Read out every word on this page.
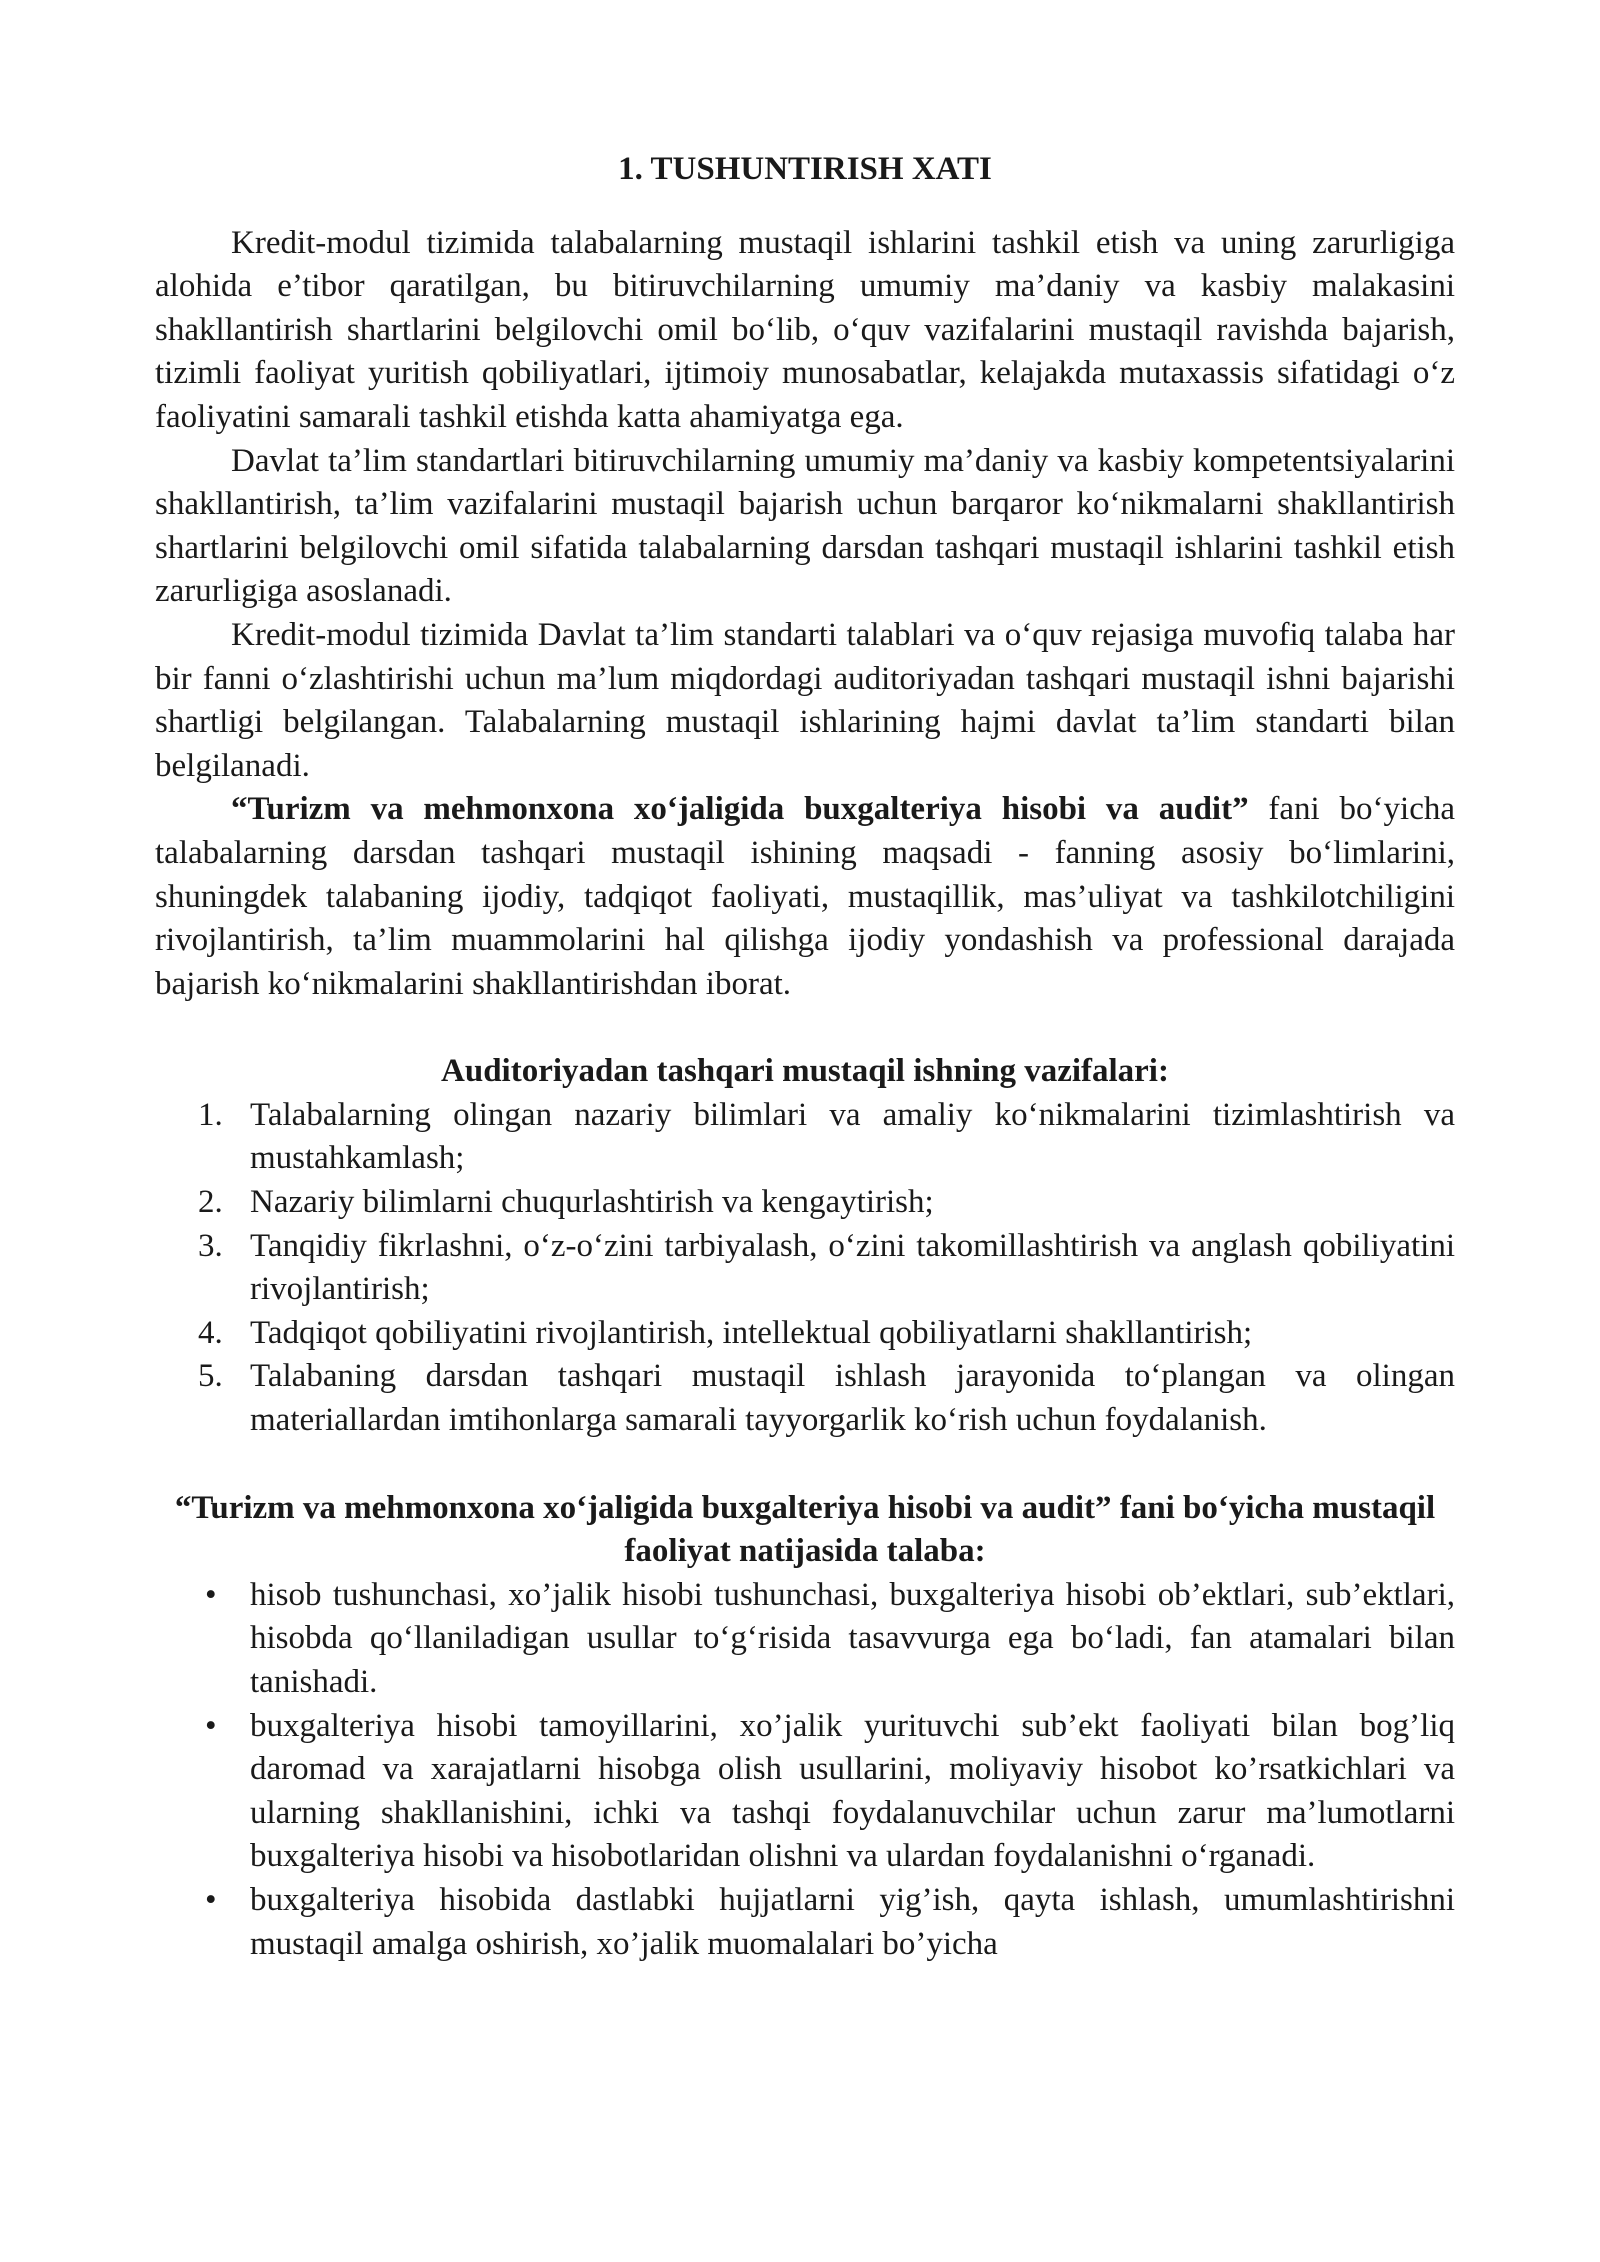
1. TUSHUNTIRISH XATI

Kredit-modul tizimida talabalarning mustaqil ishlarini tashkil etish va uning zarurligiga alohida e’tibor qaratilgan, bu bitiruvchilarning umumiy ma’daniy va kasbiy malakasini shakllantirish shartlarini belgilovchi omil bo‘lib, o‘quv vazifalarini mustaqil ravishda bajarish, tizimli faoliyat yuritish qobiliyatlari, ijtimoiy munosabatlar, kelajakda mutaxassis sifatidagi o‘z faoliyatini samarali tashkil etishda katta ahamiyatga ega.

Davlat ta’lim standartlari bitiruvchilarning umumiy ma’daniy va kasbiy kompetentsiyalarini shakllantirish, ta’lim vazifalarini mustaqil bajarish uchun barqaror ko‘nikmalarni shakllantirish shartlarini belgilovchi omil sifatida talabalarning darsdan tashqari mustaqil ishlarini tashkil etish zarurligiga asoslanadi.

Kredit-modul tizimida Davlat ta’lim standarti talablari va o‘quv rejasiga muvofiq talaba har bir fanni o‘zlashtirishi uchun ma’lum miqdordagi auditoriyadan tashqari mustaqil ishni bajarishi shartligi belgilangan. Talabalarning mustaqil ishlarining hajmi davlat ta’lim standarti bilan belgilanadi.

“Turizm va mehmonxona xo‘jaligida buxgalteriya hisobi va audit” fani bo‘yicha talabalarning darsdan tashqari mustaqil ishining maqsadi - fanning asosiy bo‘limlarini, shuningdek talabaning ijodiy, tadqiqot faoliyati, mustaqillik, mas’uliyat va tashkilotchiligini rivojlantirish, ta’lim muammolarini hal qilishga ijodiy yondashish va professional darajada bajarish ko‘nikmalarini shakllantirishdan iborat.

Auditoriyadan tashqari mustaqil ishning vazifalari:
1. Talabalarning olingan nazariy bilimlari va amaliy ko‘nikmalarini tizimlashtirish va mustahkamlash;
2. Nazariy bilimlarni chuqurlashtirish va kengaytirish;
3. Tanqidiy fikrlashni, o‘z-o‘zini tarbiyalash, o‘zini takomillashtirish va anglash qobiliyatini rivojlantirish;
4. Tadqiqot qobiliyatini rivojlantirish, intellektual qobiliyatlarni shakllantirish;
5. Talabaning darsdan tashqari mustaqil ishlash jarayonida to‘plangan va olingan materiallardan imtihonlarga samarali tayyorgarlik ko‘rish uchun foydalanish.
“Turizm va mehmonxona xo‘jaligida buxgalteriya hisobi va audit” fani bo‘yicha mustaqil faoliyat natijasida talaba:
•	hisob tushunchasi, xo’jalik hisobi tushunchasi, buxgalteriya hisobi ob’ektlari, sub’ektlari, hisobda qo‘llaniladigan usullar to‘g‘risida tasavvurga ega bo‘ladi, fan atamalari bilan tanishadi.
•	buxgalteriya hisobi tamoyillarini, xo’jalik yurituvchi sub’ekt faoliyati bilan bog’liq daromad va xarajatlarni hisobga olish usullarini, moliyaviy hisobot ko’rsatkichlari va ularning shakllanishini, ichki va tashqi foydalanuvchilar uchun zarur ma’lumotlarni buxgalteriya hisobi va hisobotlaridan olishni va ulardan foydalanishni o‘rganadi.
•	buxgalteriya hisobida dastlabki hujjatlarni yig’ish, qayta ishlash, umumlashtirishni mustaqil amalga oshirish, xo’jalik muomalalari bo’yicha
